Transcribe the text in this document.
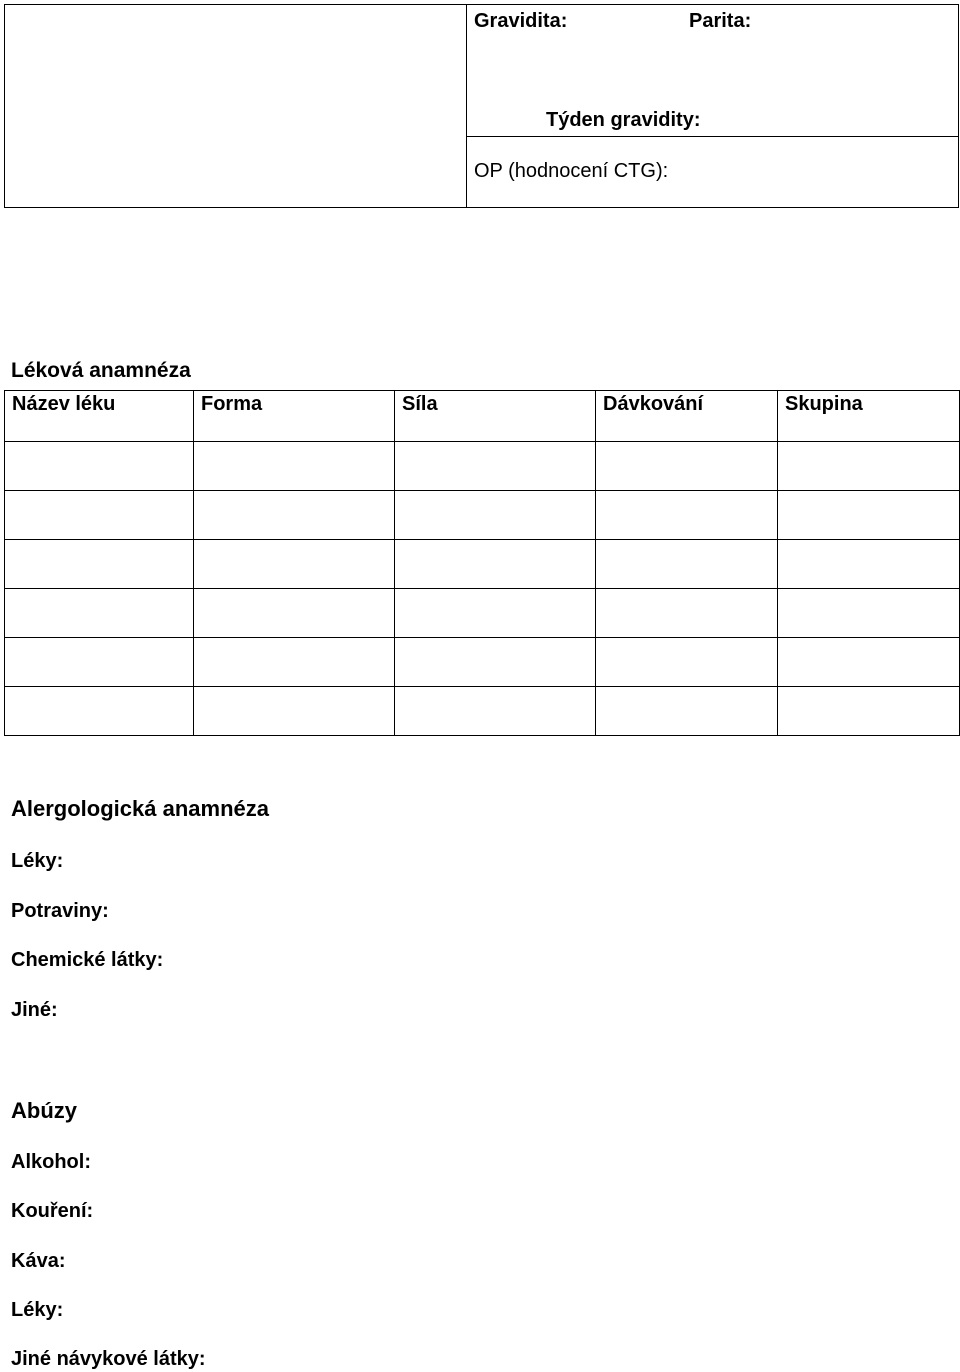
Gravidita:	Parita:
Týden gravidity:
OP (hodnocení CTG):
Léková anamnéza
Název léku	Forma	Síla	Dávkování	Skupina

Alergologická anamnéza
Léky:
Potraviny:
Chemické látky:
Jiné:
Abúzy
Alkohol:
Kouření:
Káva:
Léky:
Jiné návykové látky:
